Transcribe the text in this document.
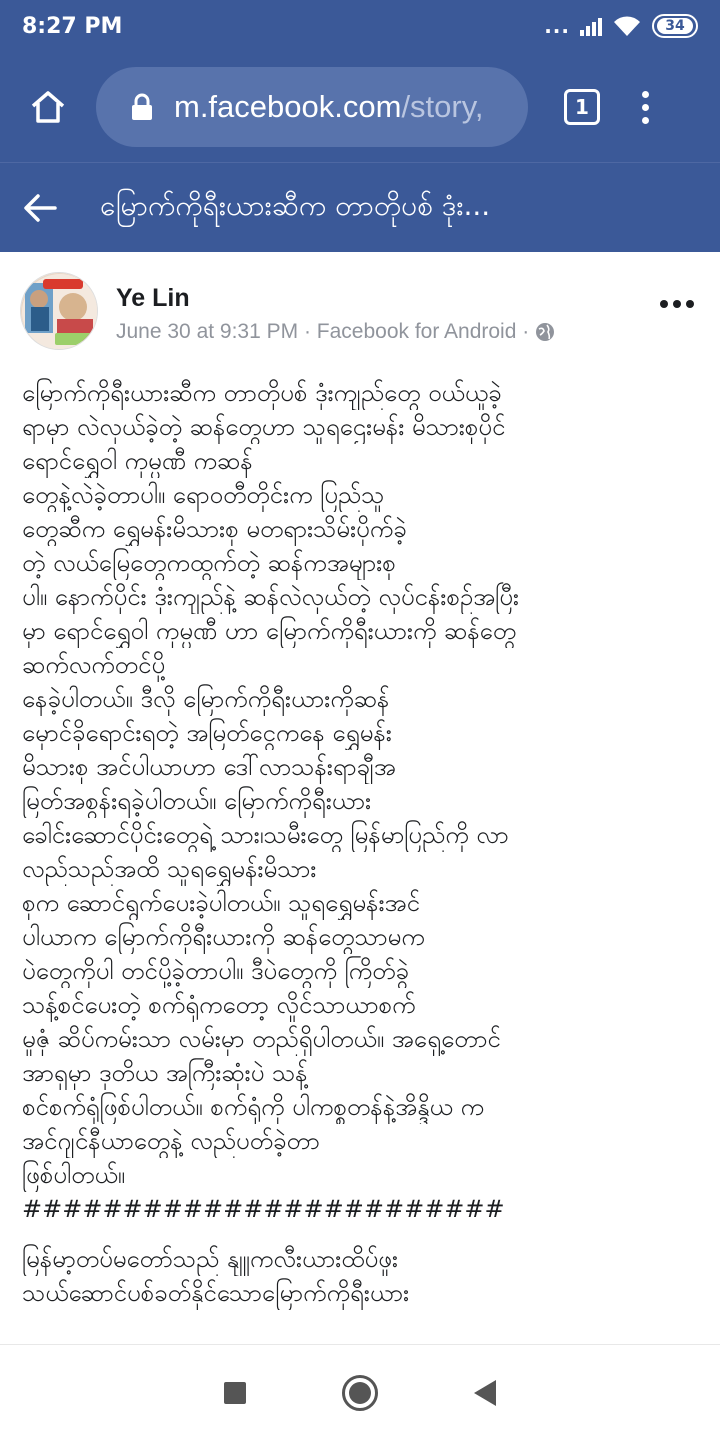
8:27 PM	...	34
m.facebook.com/story,	1
မြောက်ကိုရီးယားဆီက တာတိုပစ် ဒုံး...
Ye Lin
June 30 at 9:31 PM · Facebook for Android ·
မြောက်ကိုရီးယားဆီက တာတိုပစ် ဒုံးကျည်တွေ ဝယ်ယူခဲ့
ရာမှာ လဲလှယ်ခဲ့တဲ့ ဆန်တွေဟာ သူရဌေးမန်း မိသားစုပိုင်
ရောင်ရွှေဝါ ကုမ္ပဏီ ကဆန်
တွေနဲ့လဲခဲ့တာပါ။ ရောဝတီတိုင်းက ပြည်သူ
တွေဆီက ရွှေမန်းမိသားစု မတရားသိမ်းပိုက်ခဲ့
တဲ့ လယ်မြေတွေကထွက်တဲ့ ဆန်ကအများစု
ပါ။ နောက်ပိုင်း ဒုံးကျည်နဲ့ ဆန်လဲလှယ်တဲ့ လုပ်ငန်းစဥ်အပြီး
မှာ ရောင်ရွှေဝါ ကုမ္ပဏီ ဟာ မြောက်ကိုရီးယားကို ဆန်တွေ
ဆက်လက်တင်ပို့
နေခဲ့ပါတယ်။ ဒီလို မြောက်ကိုရီးယားကိုဆန်
မှောင်ခိုရောင်းရတဲ့ အမြတ်ငွေကနေ ရွှေမန်း
မိသားစု အင်ပါယာဟာ ဒေါ်လာသန်းရာချီအ
မြတ်အစွန်းရခဲ့ပါတယ်။ မြောက်ကိုရီးယား
ခေါင်းဆောင်ပိုင်းတွေရဲ့ သား၊သမီးတွေ မြန်မာပြည်ကို လာ
လည်သည်အထိ သူရရွှေမန်းမိသား
စုက ဆောင်ရွက်ပေးခဲ့ပါတယ်။ သူရရွှေမန်းအင်
ပါယာက မြောက်ကိုရီးယားကို ဆန်တွေသာမက
ပဲတွေကိုပါ တင်ပို့ခဲ့တာပါ။ ဒီပဲတွေကို ကြိတ်ခွဲ
သန့်စင်ပေးတဲ့ စက်ရုံကတော့ လှိုင်သာယာစက်
မှုဇုံ ဆိပ်ကမ်းသာ လမ်းမှာ တည်ရှိပါတယ်။ အရှေ့တောင်
အာရှမှာ ဒုတိယ အကြီးဆုံးပဲ သန့်
စင်စက်ရုံဖြစ်ပါတယ်။ စက်ရုံကို ပါကစ္စတန်နဲ့အိန္ဒိယ က
အင်ဂျင်နီယာတွေနဲ့ လည်ပတ်ခဲ့တာ
ဖြစ်ပါတယ်။
########################
မြန်မာ့တပ်မတော်သည် နျူကလီးယားထိပ်ဖူး
သယ်ဆောင်ပစ်ခတ်နိုင်သောမြောက်ကိုရီးယား
